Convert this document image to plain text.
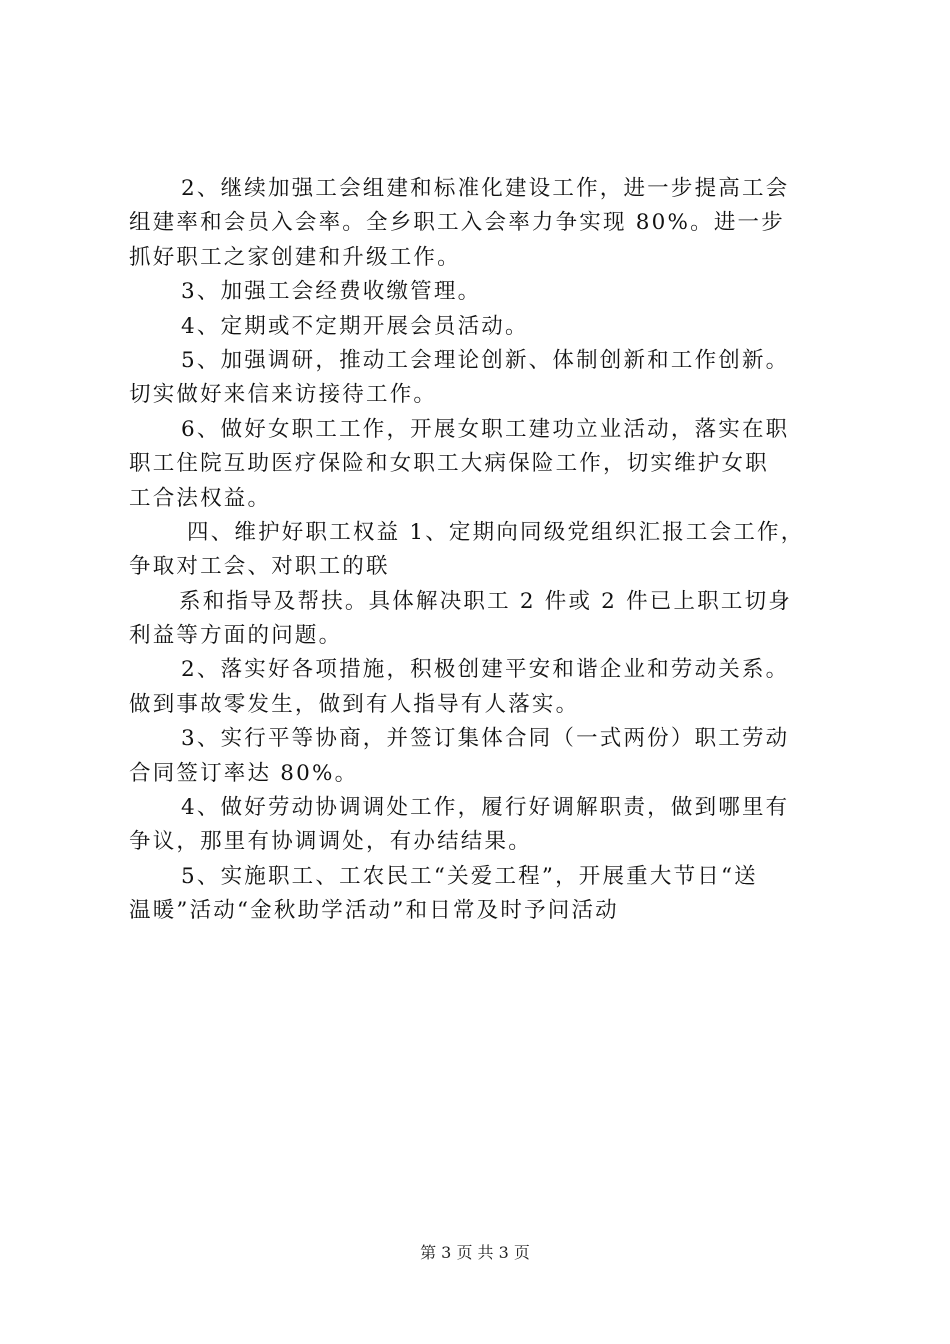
2、继续加强工会组建和标准化建设工作，进一步提高工会
组建率和会员入会率。全乡职工入会率力争实现 80%。进一步
抓好职工之家创建和升级工作。
3、加强工会经费收缴管理。
4、定期或不定期开展会员活动。
5、加强调研，推动工会理论创新、体制创新和工作创新。
切实做好来信来访接待工作。
6、做好女职工工作，开展女职工建功立业活动，落实在职
职工住院互助医疗保险和女职工大病保险工作，切实维护女职
工合法权益。
四、维护好职工权益 1、定期向同级党组织汇报工会工作，
争取对工会、对职工的联
系和指导及帮扶。具体解决职工 2 件或 2 件已上职工切身
利益等方面的问题。
2、落实好各项措施，积极创建平安和谐企业和劳动关系。
做到事故零发生，做到有人指导有人落实。
3、实行平等协商，并签订集体合同（一式两份）职工劳动
合同签订率达 80%。
4、做好劳动协调调处工作，履行好调解职责，做到哪里有
争议，那里有协调调处，有办结结果。
5、实施职工、工农民工“关爱工程”，开展重大节日“送
温暖”活动“金秋助学活动”和日常及时予问活动
第 3 页 共 3 页
